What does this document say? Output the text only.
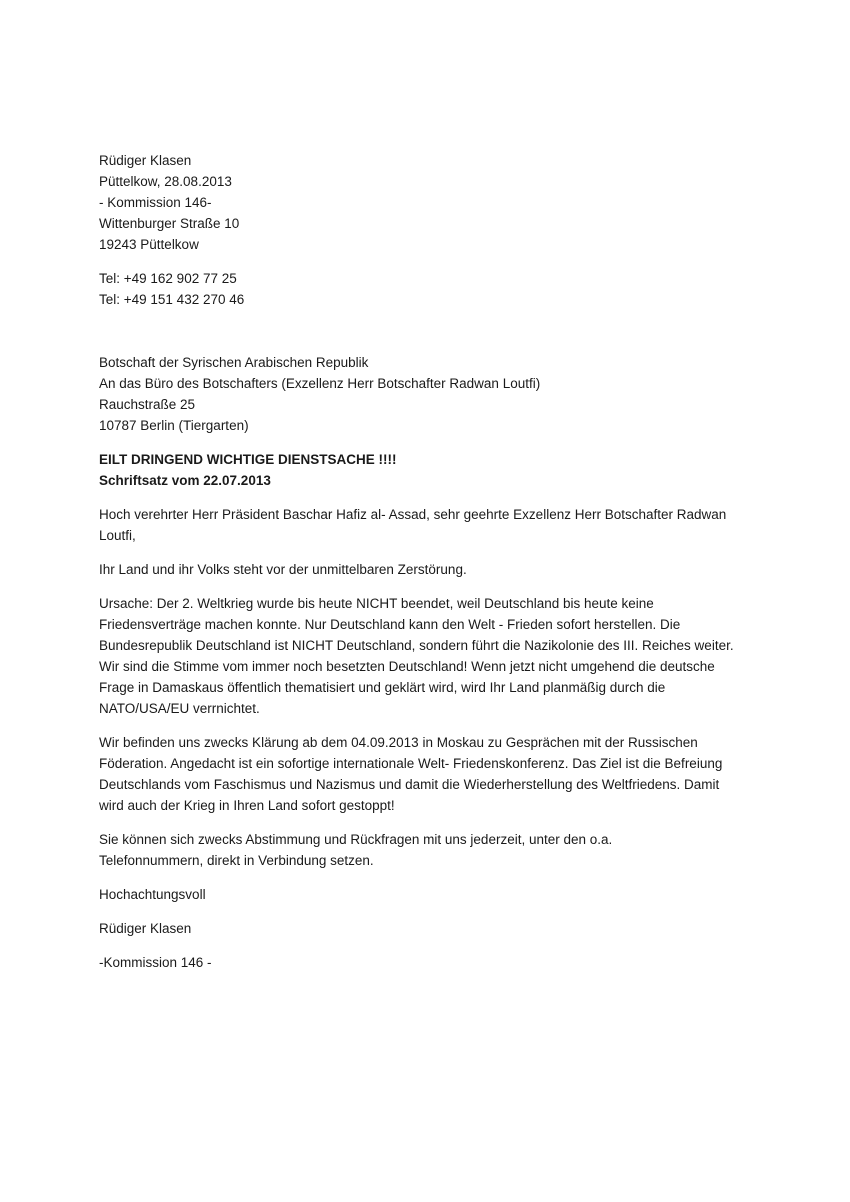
Rüdiger Klasen
Püttelkow, 28.08.2013
- Kommission 146-
Wittenburger Straße 10
19243 Püttelkow
Tel: +49 162 902 77 25
Tel: +49 151 432 270 46
Botschaft der Syrischen Arabischen Republik
An das Büro des Botschafters (Exzellenz Herr Botschafter Radwan Loutfi)
Rauchstraße 25
10787 Berlin (Tiergarten)
EILT DRINGEND WICHTIGE DIENSTSACHE !!!!
Schriftsatz vom 22.07.2013
Hoch verehrter Herr Präsident Baschar Hafiz al- Assad, sehr geehrte Exzellenz Herr Botschafter Radwan
Loutfi,
Ihr Land und ihr Volks steht vor der unmittelbaren Zerstörung.
Ursache: Der 2. Weltkrieg wurde bis heute NICHT beendet, weil Deutschland bis heute keine
Friedensverträge machen konnte. Nur Deutschland kann den Welt - Frieden sofort herstellen. Die
Bundesrepublik Deutschland ist NICHT Deutschland, sondern führt die Nazikolonie des III. Reiches weiter.
Wir sind die Stimme vom immer noch besetzten Deutschland! Wenn jetzt nicht umgehend die deutsche
Frage in Damaskaus öffentlich thematisiert und geklärt wird, wird Ihr Land planmäßig durch die
NATO/USA/EU verrnichtet.
Wir befinden uns zwecks Klärung ab dem 04.09.2013 in Moskau zu Gesprächen mit der Russischen
Föderation. Angedacht ist ein sofortige internationale Welt- Friedenskonferenz. Das Ziel ist die Befreiung
Deutschlands vom Faschismus und Nazismus und damit die Wiederherstellung des Weltfriedens. Damit
wird auch der Krieg in Ihren Land sofort gestoppt!
Sie können sich zwecks Abstimmung und Rückfragen mit uns jederzeit, unter den o.a.
Telefonnummern, direkt in Verbindung setzen.
Hochachtungsvoll
Rüdiger Klasen
-Kommission 146 -
